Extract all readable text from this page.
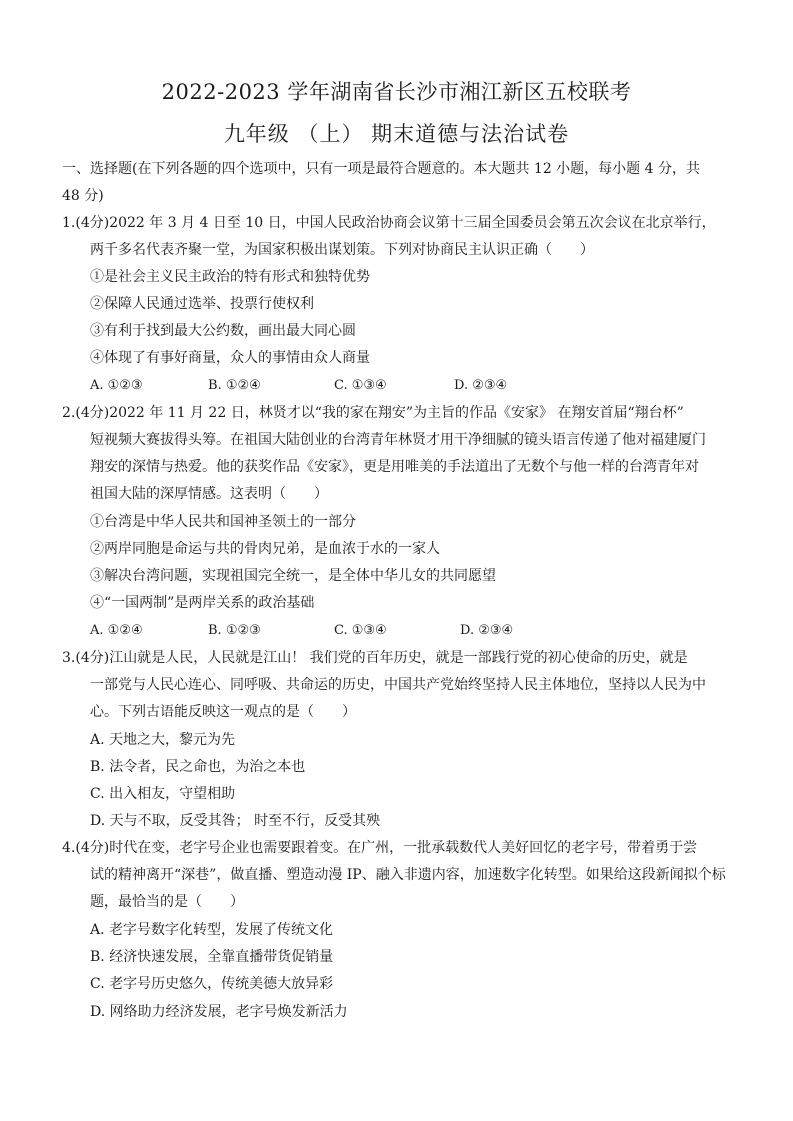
2022-2023 学年湖南省长沙市湘江新区五校联考
九年级 （上） 期末道德与法治试卷
一、选择题(在下列各题的四个选项中，只有一项是最符合题意的。本大题共 12 小题，每小题 4 分，共
48 分)
1.(4分)2022 年 3 月 4 日至 10 日，中国人民政治协商会议第十三届全国委员会第五次会议在北京举行，
两千多名代表齐聚一堂，为国家积极出谋划策。下列对协商民主认识正确（　　）
①是社会主义民主政治的特有形式和独特优势
②保障人民通过选举、投票行使权利
③有利于找到最大公约数，画出最大同心圆
④体现了有事好商量，众人的事情由众人商量
A. ①②③	B. ①②④	C. ①③④	D. ②③④
2.(4分)2022 年 11 月 22 日，林贤才以“我的家在翔安”为主旨的作品《安家》 在翔安首届“翔台杯”
短视频大赛拔得头筹。在祖国大陆创业的台湾青年林贤才用干净细腻的镜头语言传递了他对福建厦门
翔安的深情与热爱。他的获奖作品《安家》，更是用唯美的手法道出了无数个与他一样的台湾青年对
祖国大陆的深厚情感。这表明（　　）
①台湾是中华人民共和国神圣领土的一部分
②两岸同胞是命运与共的骨肉兄弟，是血浓于水的一家人
③解决台湾问题，实现祖国完全统一，是全体中华儿女的共同愿望
④“一国两制”是两岸关系的政治基础
A. ①②④	B. ①②③	C. ①③④	D. ②③④
3.(4分)江山就是人民，人民就是江山！ 我们党的百年历史，就是一部践行党的初心使命的历史，就是
一部党与人民心连心、同呼吸、共命运的历史，中国共产党始终坚持人民主体地位，坚持以人民为中
心。下列古语能反映这一观点的是（　　）
A. 天地之大，黎元为先
B. 法令者，民之命也，为治之本也
C. 出入相友，守望相助
D. 天与不取，反受其咎； 时至不行，反受其殃
4.(4分)时代在变，老字号企业也需要跟着变。在广州，一批承载数代人美好回忆的老字号，带着勇于尝
试的精神离开“深巷”，做直播、塑造动漫 IP、融入非遗内容，加速数字化转型。如果给这段新闻拟个标
题，最恰当的是（　　）
A. 老字号数字化转型，发展了传统文化
B. 经济快速发展，全靠直播带货促销量
C. 老字号历史悠久，传统美德大放异彩
D. 网络助力经济发展，老字号焕发新活力
